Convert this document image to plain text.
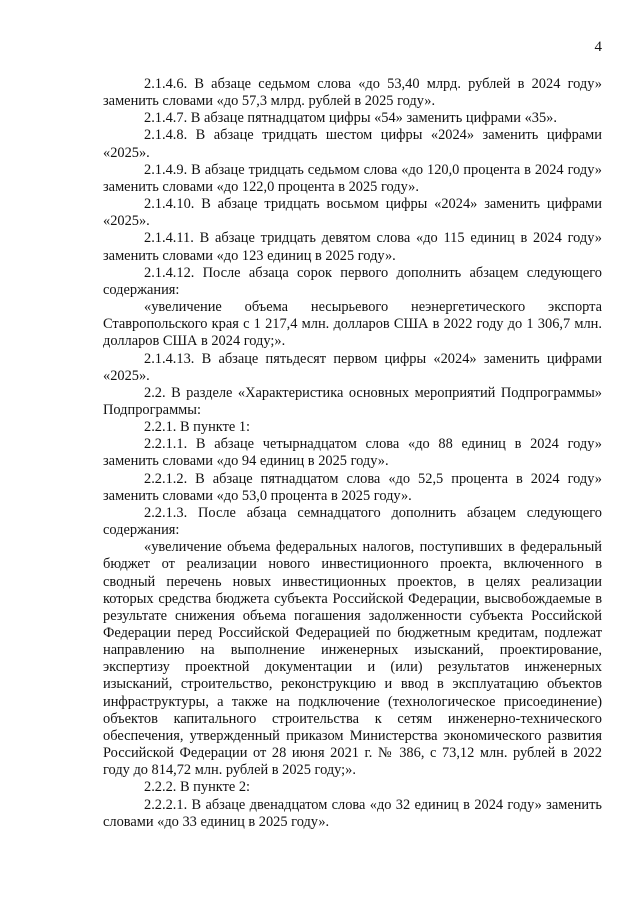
4

2.1.4.6. В абзаце седьмом слова «до 53,40 млрд. рублей в 2024 году» заменить словами «до 57,3 млрд. рублей в 2025 году».

2.1.4.7. В абзаце пятнадцатом цифры «54» заменить цифрами «35».

2.1.4.8. В абзаце тридцать шестом цифры «2024» заменить цифрами «2025».

2.1.4.9. В абзаце тридцать седьмом слова «до 120,0 процента в 2024 году» заменить словами «до 122,0 процента в 2025 году».

2.1.4.10. В абзаце тридцать восьмом цифры «2024» заменить цифрами «2025».

2.1.4.11. В абзаце тридцать девятом слова «до 115 единиц в 2024 году» заменить словами «до 123 единиц в 2025 году».

2.1.4.12. После абзаца сорок первого дополнить абзацем следующего содержания:

«увеличение объема несырьевого неэнергетического экспорта Ставропольского края с 1 217,4 млн. долларов США в 2022 году до 1 306,7 млн. долларов США в 2024 году;».

2.1.4.13. В абзаце пятьдесят первом цифры «2024» заменить цифрами «2025».

2.2. В разделе «Характеристика основных мероприятий Подпрограммы» Подпрограммы:

2.2.1. В пункте 1:

2.2.1.1. В абзаце четырнадцатом слова «до 88 единиц в 2024 году» заменить словами «до 94 единиц в 2025 году».

2.2.1.2. В абзаце пятнадцатом слова «до 52,5 процента в 2024 году» заменить словами «до 53,0 процента в 2025 году».

2.2.1.3. После абзаца семнадцатого дополнить абзацем следующего содержания:

«увеличение объема федеральных налогов, поступивших в федеральный бюджет от реализации нового инвестиционного проекта, включенного в сводный перечень новых инвестиционных проектов, в целях реализации которых средства бюджета субъекта Российской Федерации, высвобождаемые в результате снижения объема погашения задолженности субъекта Российской Федерации перед Российской Федерацией по бюджетным кредитам, подлежат направлению на выполнение инженерных изысканий, проектирование, экспертизу проектной документации и (или) результатов инженерных изысканий, строительство, реконструкцию и ввод в эксплуатацию объектов инфраструктуры, а также на подключение (технологическое присоединение) объектов капитального строительства к сетям инженерно-технического обеспечения, утвержденный приказом Министерства экономического развития Российской Федерации от 28 июня 2021 г. № 386, с 73,12 млн. рублей в 2022 году до 814,72 млн. рублей в 2025 году;».

2.2.2. В пункте 2:

2.2.2.1. В абзаце двенадцатом слова «до 32 единиц в 2024 году» заменить словами «до 33 единиц в 2025 году».
